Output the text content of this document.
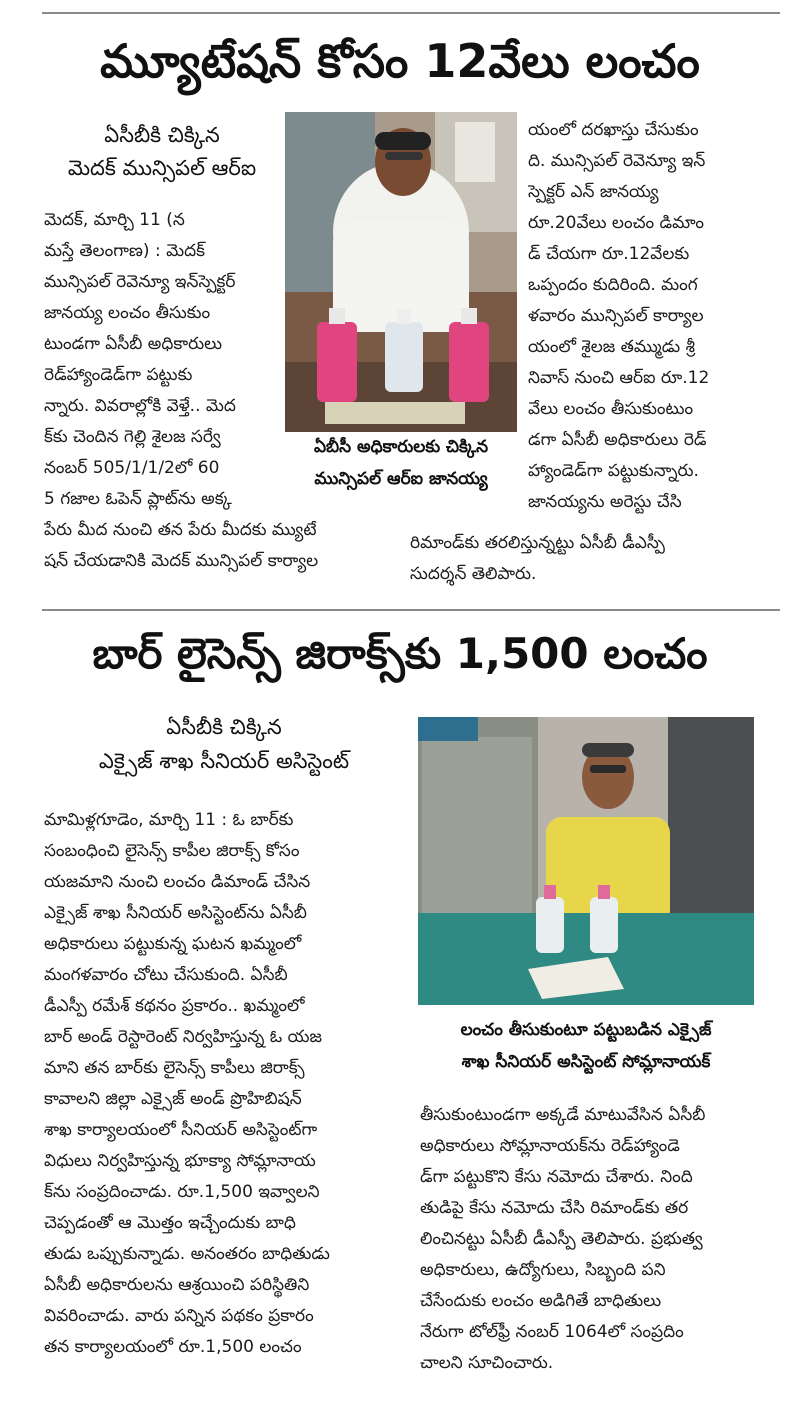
మ్యూటేషన్ కోసం 12వేలు లంచం
ఏసీబీకి చిక్కిన
మెదక్ మున్సిపల్ ఆర్ఐ
మెదక్, మార్చి 11 (న
మస్తే తెలంగాణ) : మెదక్
మున్సిపల్ రెవెన్యూ ఇన్‌స్పెక్టర్
జానయ్య లంచం తీసుకుం
టుండగా ఏసీబీ అధికారులు
రెడ్‌హ్యాండెడ్‌గా పట్టుకు
న్నారు. వివరాల్లోకి వెళ్తే.. మెద
క్‌కు చెందిన గెల్లి శైలజ సర్వే
నంబర్ 505/1/1/2లో 60
5 గజాల ఓపెన్ ప్లాట్‌ను అక్క
పేరు మీద నుంచి తన పేరు మీదకు మ్యుటే
షన్ చేయడానికి మెదక్ మున్సిపల్ కార్యాల
ఏబీసీ అధికారులకు చిక్కిన
మున్సిపల్ ఆర్ఐ జానయ్య
యంలో దరఖాస్తు చేసుకుం
ది. మున్సిపల్ రెవెన్యూ ఇన్
స్పెక్టర్ ఎన్ జానయ్య
రూ.20వేలు లంచం డిమాం
డ్ చేయగా రూ.12వేలకు
ఒప్పందం కుదిరింది. మంగ
ళవారం మున్సిపల్ కార్యాల
యంలో శైలజ తమ్ముడు శ్రీ
నివాస్ నుంచి ఆర్ఐ రూ.12
వేలు లంచం తీసుకుంటుం
డగా ఏసీబీ అధికారులు రెడ్
హ్యాండెడ్‌గా పట్టుకున్నారు.
జానయ్యను అరెస్టు చేసి
రిమాండ్‌కు తరలిస్తున్నట్టు ఏసీబీ డీఎస్పీ
సుదర్శన్ తెలిపారు.
బార్ లైసెన్స్ జిరాక్స్‌కు 1,500 లంచం
ఏసీబీకి చిక్కిన
ఎక్సైజ్ శాఖ సీనియర్ అసిస్టెంట్
మామిళ్లగూడెం, మార్చి 11 : ఓ బార్‌కు
సంబంధించి లైసెన్స్ కాపీల జిరాక్స్ కోసం
యజమాని నుంచి లంచం డిమాండ్ చేసిన
ఎక్సైజ్ శాఖ సీనియర్ అసిస్టెంట్‌ను ఏసీబీ
అధికారులు పట్టుకున్న ఘటన ఖమ్మంలో
మంగళవారం చోటు చేసుకుంది. ఏసీబీ
డీఎస్పీ రమేశ్ కథనం ప్రకారం.. ఖమ్మంలో
బార్ అండ్ రెస్టారెంట్ నిర్వహిస్తున్న ఓ యజ
మాని తన బార్‌కు లైసెన్స్ కాపీలు జిరాక్స్
కావాలని జిల్లా ఎక్సైజ్ అండ్ ప్రొహిబిషన్
శాఖ కార్యాలయంలో సీనియర్ అసిస్టెంట్‌గా
విధులు నిర్వహిస్తున్న భూక్యా సోమ్లానాయ
క్‌ను సంప్రదించాడు. రూ.1,500 ఇవ్వాలని
చెప్పడంతో ఆ మొత్తం ఇచ్చేందుకు బాధి
తుడు ఒప్పుకున్నాడు. అనంతరం బాధితుడు
ఏసీబీ అధికారులను ఆశ్రయించి పరిస్థితిని
వివరించాడు. వారు పన్నిన పథకం ప్రకారం
తన కార్యాలయంలో రూ.1,500 లంచం
లంచం తీసుకుంటూ పట్టుబడిన ఎక్సైజ్
శాఖ సీనియర్ అసిస్టెంట్ సోమ్లానాయక్
తీసుకుంటుండగా అక్కడే మాటువేసిన ఏసీబీ
అధికారులు సోమ్లానాయక్‌ను రెడ్‌హ్యాండె
డ్‌గా పట్టుకొని కేసు నమోదు చేశారు. నింది
తుడిపై కేసు నమోదు చేసి రిమాండ్‌కు తర
లించినట్టు ఏసీబీ డీఎస్పీ తెలిపారు. ప్రభుత్వ
అధికారులు, ఉద్యోగులు, సిబ్బంది పని
చేసేందుకు లంచం అడిగితే బాధితులు
నేరుగా టోల్‌ఫ్రీ నంబర్ 1064లో సంప్రదిం
చాలని సూచించారు.
